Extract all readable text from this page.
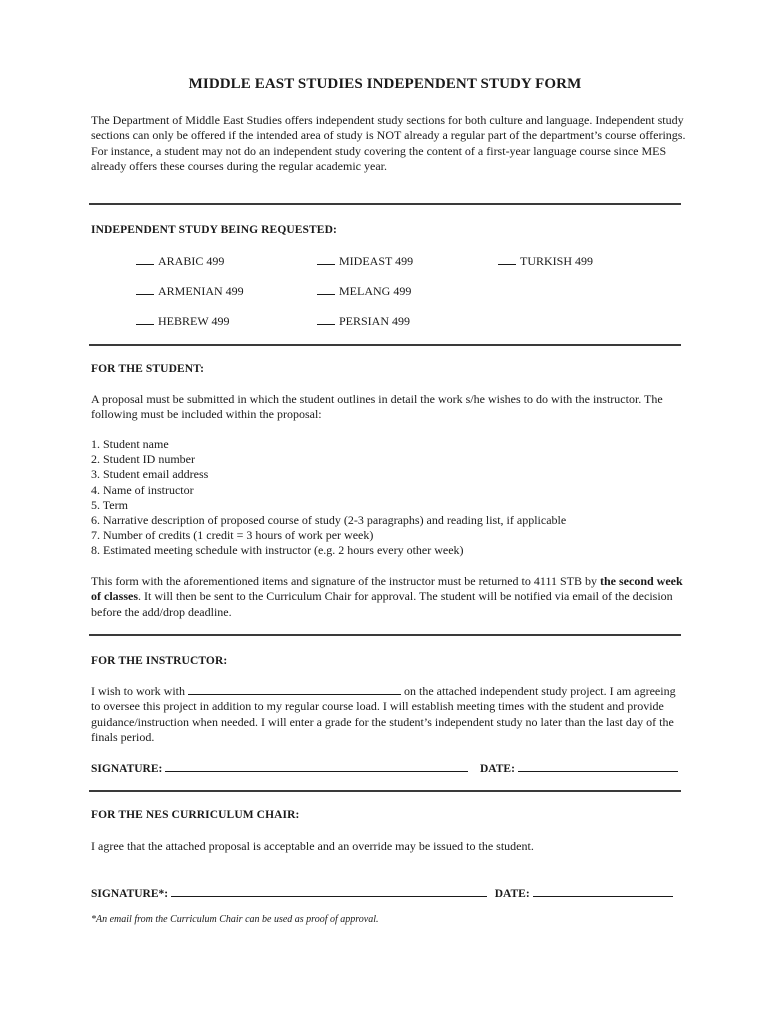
MIDDLE EAST STUDIES INDEPENDENT STUDY FORM
The Department of Middle East Studies offers independent study sections for both culture and language. Independent study sections can only be offered if the intended area of study is NOT already a regular part of the department’s course offerings. For instance, a student may not do an independent study covering the content of a first-year language course since MES already offers these courses during the regular academic year.
INDEPENDENT STUDY BEING REQUESTED:
ARABIC 499	MIDEAST 499	TURKISH 499
ARMENIAN 499	MELANG 499
HEBREW 499	PERSIAN 499
FOR THE STUDENT:
A proposal must be submitted in which the student outlines in detail the work s/he wishes to do with the instructor. The following must be included within the proposal:
1. Student name
2. Student ID number
3. Student email address
4. Name of instructor
5. Term
6. Narrative description of proposed course of study (2-3 paragraphs) and reading list, if applicable
7. Number of credits (1 credit = 3 hours of work per week)
8. Estimated meeting schedule with instructor (e.g. 2 hours every other week)
This form with the aforementioned items and signature of the instructor must be returned to 4111 STB by the second week of classes. It will then be sent to the Curriculum Chair for approval. The student will be notified via email of the decision before the add/drop deadline.
FOR THE INSTRUCTOR:
I wish to work with	on the attached independent study project. I am agreeing to oversee this project in addition to my regular course load. I will establish meeting times with the student and provide guidance/instruction when needed. I will enter a grade for the student’s independent study no later than the last day of the finals period.
SIGNATURE:	DATE:
FOR THE NES CURRICULUM CHAIR:
I agree that the attached proposal is acceptable and an override may be issued to the student.
SIGNATURE*:	DATE:
*An email from the Curriculum Chair can be used as proof of approval.
